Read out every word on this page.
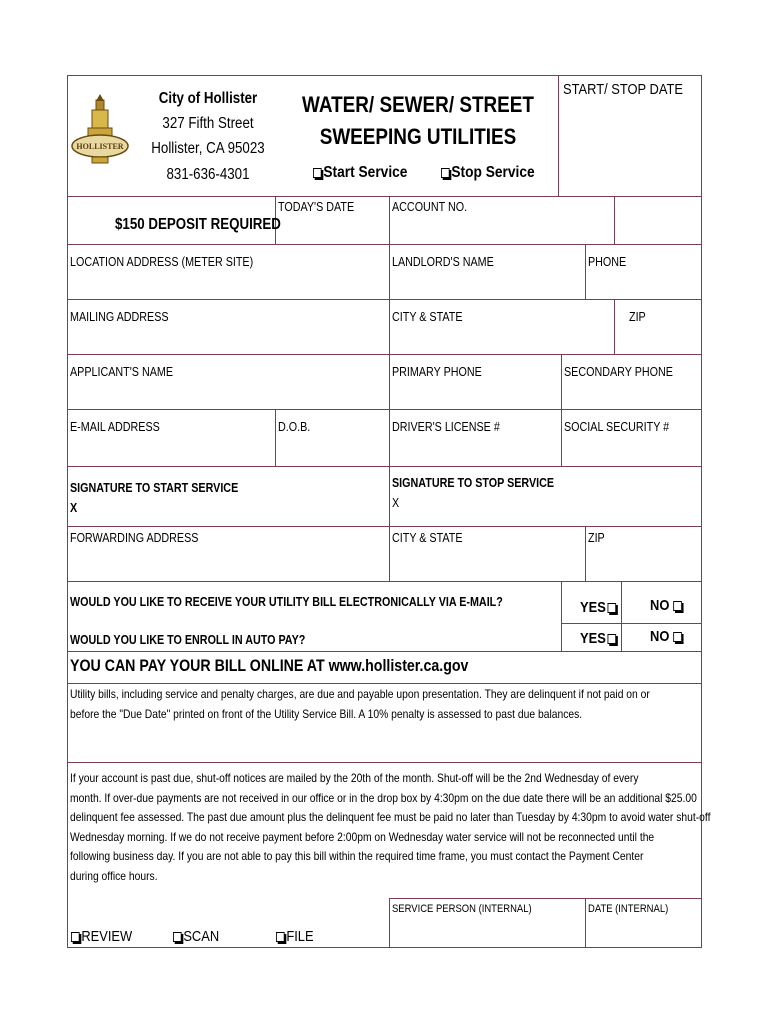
HOLLISTER
City of Hollister
327 Fifth Street
Hollister, CA 95023
831-636-4301
WATER/ SEWER/ STREET
SWEEPING UTILITIES
Start Service	Stop Service
START/ STOP DATE
$150 DEPOSIT REQUIRED
TODAY'S DATE	ACCOUNT NO.
LOCATION ADDRESS (METER SITE)	LANDLORD'S NAME	PHONE
MAILING ADDRESS	CITY & STATE	ZIP
APPLICANT'S NAME	PRIMARY PHONE	SECONDARY PHONE
E-MAIL ADDRESS	D.O.B.	DRIVER'S LICENSE #	SOCIAL SECURITY #
SIGNATURE TO START SERVICE
X
SIGNATURE TO STOP SERVICE
X
FORWARDING ADDRESS	CITY & STATE	ZIP
WOULD YOU LIKE TO RECEIVE YOUR UTILITY BILL ELECTRONICALLY VIA E-MAIL?	YES	NO
WOULD YOU LIKE TO ENROLL IN AUTO PAY?	YES	NO
YOU CAN PAY YOUR BILL ONLINE AT www.hollister.ca.gov
Utility bills, including service and penalty charges, are due and payable upon presentation. They are delinquent if not paid on or
before the "Due Date" printed on front of the Utility Service Bill. A 10% penalty is assessed to past due balances.
If your account is past due, shut-off notices are mailed by the 20th of the month. Shut-off will be the 2nd Wednesday of every
month. If over-due payments are not received in our office or in the drop box by 4:30pm on the due date there will be an additional $25.00
delinquent fee assessed. The past due amount plus the delinquent fee must be paid no later than Tuesday by 4:30pm to avoid water shut-off
Wednesday morning. If we do not receive payment before 2:00pm on Wednesday water service will not be reconnected until the
following business day. If you are not able to pay this bill within the required time frame, you must contact the Payment Center
during office hours.
SERVICE PERSON (INTERNAL)	DATE (INTERNAL)
REVIEW	SCAN	FILE
